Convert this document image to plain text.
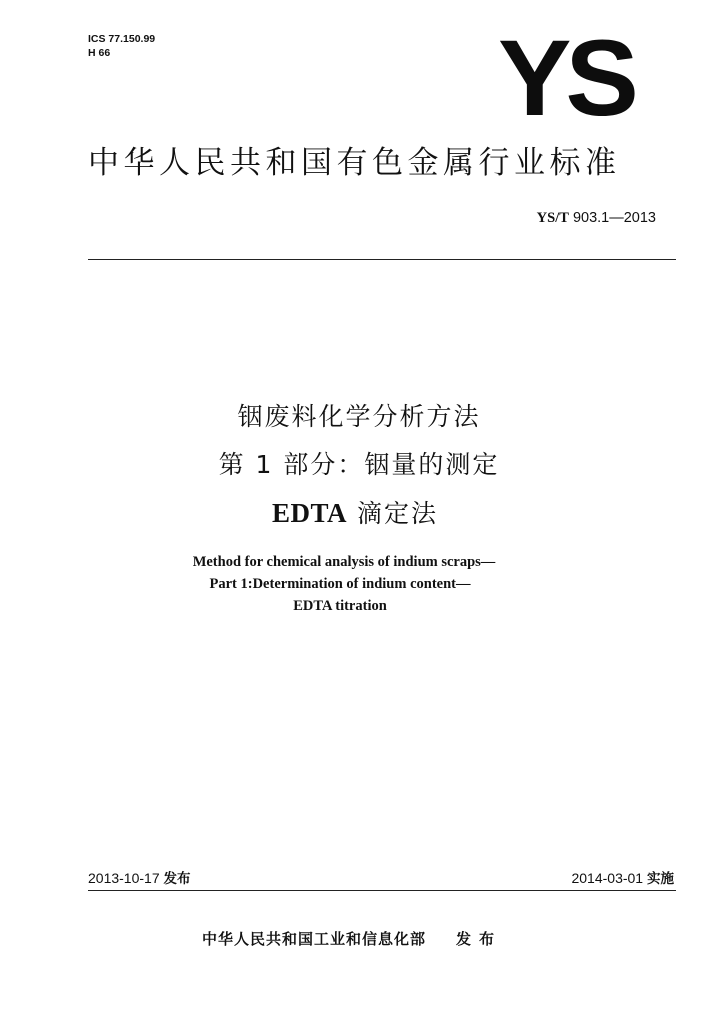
ICS 77.150.99
H 66	YS
中华人民共和国有色金属行业标准
YS/T 903.1—2013
铟废料化学分析方法
第 1 部分：铟量的测定
EDTA 滴定法
Method for chemical analysis of indium scraps—
Part 1:Determination of indium content—
EDTA titration
2013-10-17 发布	2014-03-01 实施
中华人民共和国工业和信息化部 发布
